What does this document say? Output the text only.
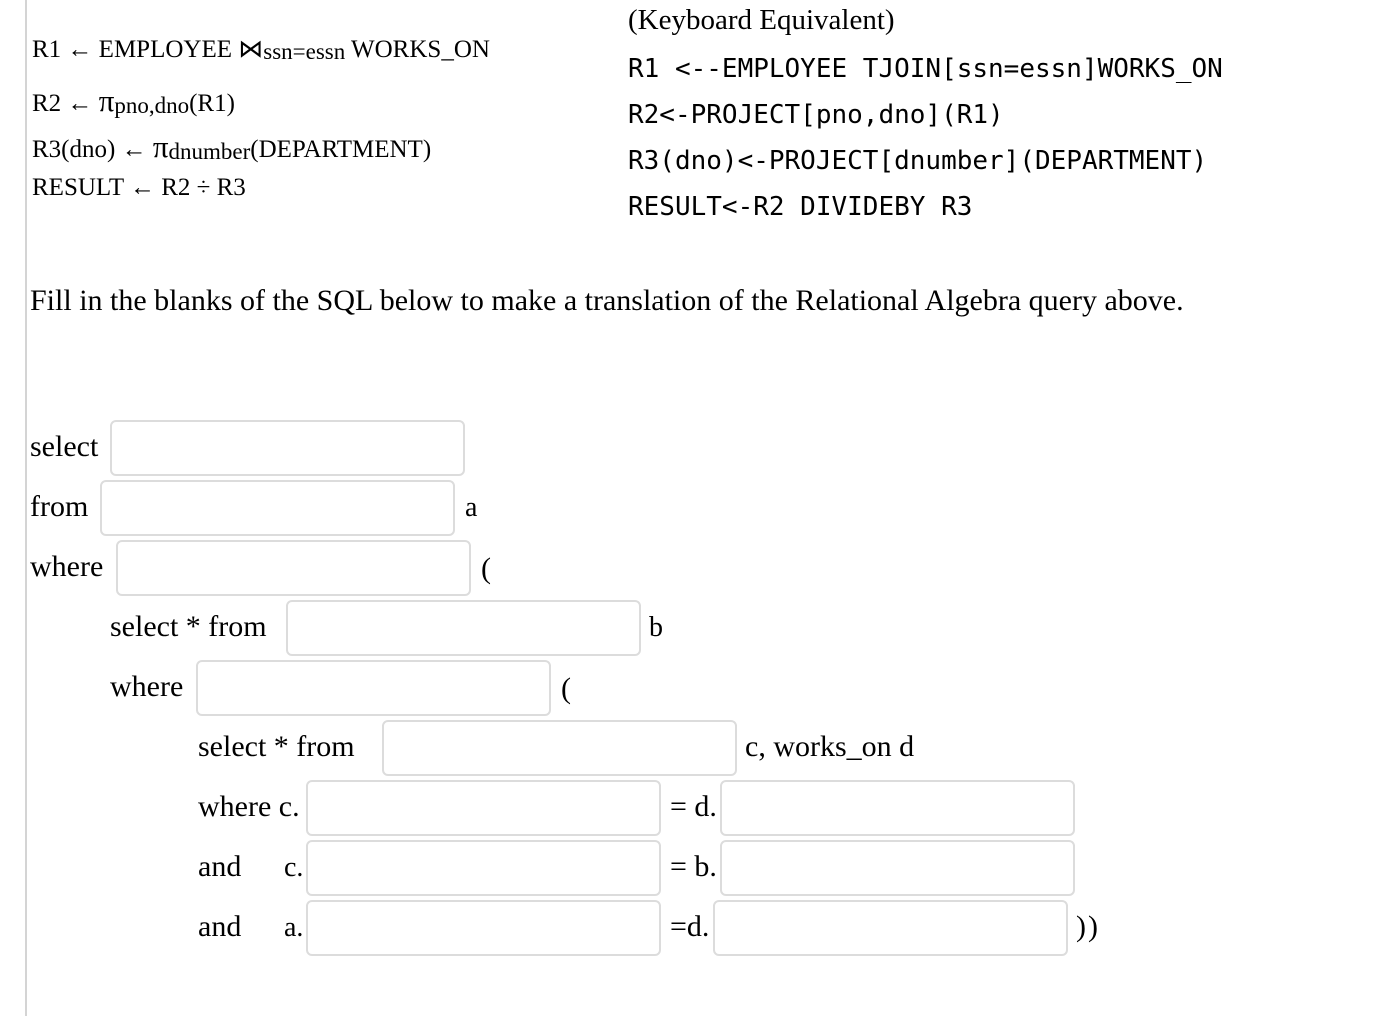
R1 ← EMPLOYEE $⋈_{ssn=essn}$ WORKS_ON
R2 ← $\pi_{pno,dno}(R1)$
R3(dno) ← $\pi_{dnumber}(DEPARTMENT)$
RESULT ← R2 ÷ R3
(Keyboard Equivalent)
R1 <--EMPLOYEE TJOIN[ssn=essn]WORKS_ON
R2<-PROJECT[pno,dno](R1)
R3(dno)<-PROJECT[dnumber](DEPARTMENT)
RESULT<-R2 DIVIDEBY R3
Fill in the blanks of the SQL below to make a translation of the Relational Algebra query above.
select
from	a
where	(
select * from	b
where	(
select * from	c, works_on d
where c.	= d.
and c.	= b.
and a.	=d.	))
